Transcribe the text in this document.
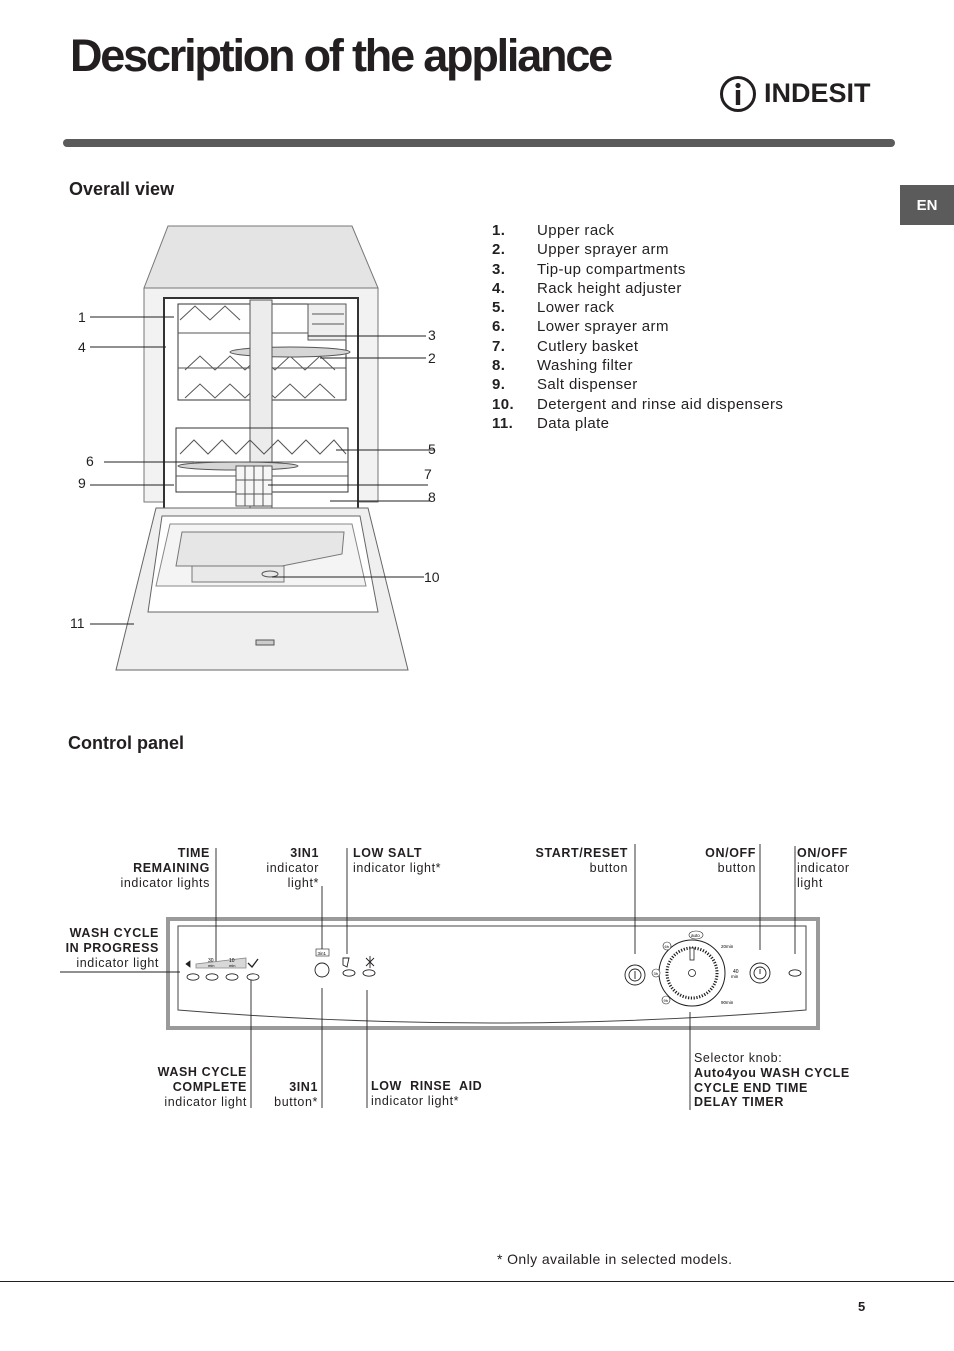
Description of the appliance
INDESIT
EN
Overall view
1
2
3
4
5
6
7
8
9
10
11
1. Upper rack
2. Upper sprayer arm
3. Tip-up compartments
4. Rack height adjuster
5. Lower rack
6. Lower sprayer arm
7. Cutlery basket
8. Washing filter
9. Salt dispenser
10. Detergent and rinse aid dispensers
11. Data plate
Control panel
TIME
REMAINING
indicator lights
3IN1
indicator
light*
LOW SALT
indicator light*
START/RESET
button
ON/OFF
button
ON/OFF
indicator
light
WASH CYCLE
IN PROGRESS
indicator light
WASH CYCLE
COMPLETE
indicator light
3IN1
button*
LOW  RINSE  AID
indicator light*
Selector knob:
Auto4you WASH CYCLE
CYCLE END TIME
DELAY TIMER
30
min
10
min
3in1
auto
20min
40
min
90min
6h
3h
9h
* Only available in selected models.
5
